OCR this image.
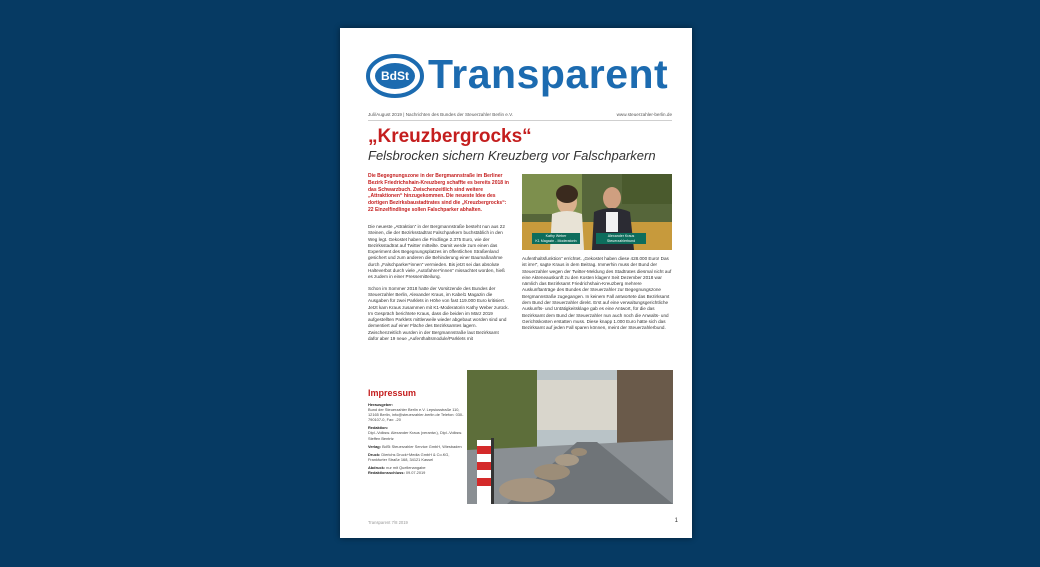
BdSt Transparent
Juli/August 2019 | Nachrichten des Bundes der Steuerzahler Berlin e.V.	www.steuerzahler-berlin.de
„Kreuzbergrocks“
Felsbrocken sichern Kreuzberg vor Falschparkern
Die Begegnungszone in der Bergmannstraße im Berliner Bezirk Friedrichshain-Kreuzberg schaffte es bereits 2018 in das Schwarzbuch. Zwischenzeitlich sind weitere „Attraktionen“ hinzugekommen. Die neueste Idee des dortigen Bezirksbaustadtrates sind die „Kreuzbergrocks“: 22 Einzelfindlinge sollen Falschparker abhalten.

Die neueste „Attraktion“ in der Bergmannstraße besteht nun aus 22 Steinen, die der Bezirksstadtrat Falschparkern buchstäblich in den Weg legt. Gekostet haben die Findlinge 2.375 Euro, wie der Bezirksstadtrat auf Twitter mitteilte. Damit werde zum einen das Experiment des Begegnungsplatzes im öffentlichen Straßenland gesichert und zum anderen die Behinderung einer Baumaßnahme durch „Falschparker*innen“ vermieden. Bis jetzt sei das absolute Halteverbot durch viele „Autofahrer*innen“ missachtet worden, hieß es zudem in einer Pressemitteilung.

Schon im Sommer 2018 hatte der Vorsitzende des Bundes der Steuerzahler Berlin, Alexander Kraus, im Kabel1 Magazin die Ausgaben für zwei Parklets in Höhe von fast 119.000 Euro kritisiert. Jetzt kam Kraus zusammen mit K1-Moderatorin Kathy Weber zurück. Im Gespräch berichtete Kraus, dass die beiden im März 2019 aufgestellten Parklets mittlerweile wieder abgebaut worden sind und dementiert auf einer Fläche des Bezirksamtes lagern. Zwischenzeitlich wurden in der Bergmannstraße laut Bezirksamt dafür aber 19 neue „Aufenthaltsmodule/Parklets mit

Kathy Weber
K1 Magazin - Moderatorin
Alexander Kraus
Steuerzahlerbund

Aufenthaltsfunktion“ errichtet. „Gekostet haben diese 428.000 Euro! Das ist irre!“, sagte Kraus in dem Beitrag. Immerhin muss der Bund der Steuerzahler wegen der Twitter-Meldung des Stadtrates diesmal nicht auf eine Akteneauskunft zu den Kosten klagen! Seit Dezember 2018 war nämlich das Bezirksamt Friedrichshain-Kreuzberg mehrere Auskunftanträge des Bundes der Steuerzahler zur Begegnungszone Bergmannstraße zugegangen. In keinem Fall antwortete das Bezirksamt dem Bund der Steuerzahler direkt. Erst auf eine verwaltungsgerichtliche Auskunfts- und Untätigkeitsklage gab es eine Antwort, für die das Bezirksamt dem Bund der Steuerzahler nun auch noch die Anwalts- und Gerichtskosten erstatten muss. Diese knapp 1.000 Euro hätte sich das Bezirksamt auf jeden Fall sparen können, meint der Steuerzahlerbund.

Impressum

Herausgeber:
Bund der Steuerzahler Berlin e.V. Lepsiusstraße 110, 12165 Berlin, info@steuerzahler-berlin.de Telefon: 030-790107-0, Fax: -20

Redaktion:
Dipl.-Volksw. Alexander Kraus (verantw.), Dipl.-Volksw. Steffen Bentrtz

Verlag: BdSt Steuerzahler Service GmbH, Wiesbaden

Druck: Dierichs Druck+Media GmbH & Co.KG, Frankfurter Straße 168, 34121 Kassel

Abdruck: nur mit Quellenangabe
Redaktionsschluss: 09.07.2019

Transparent 7/8 2019	1
